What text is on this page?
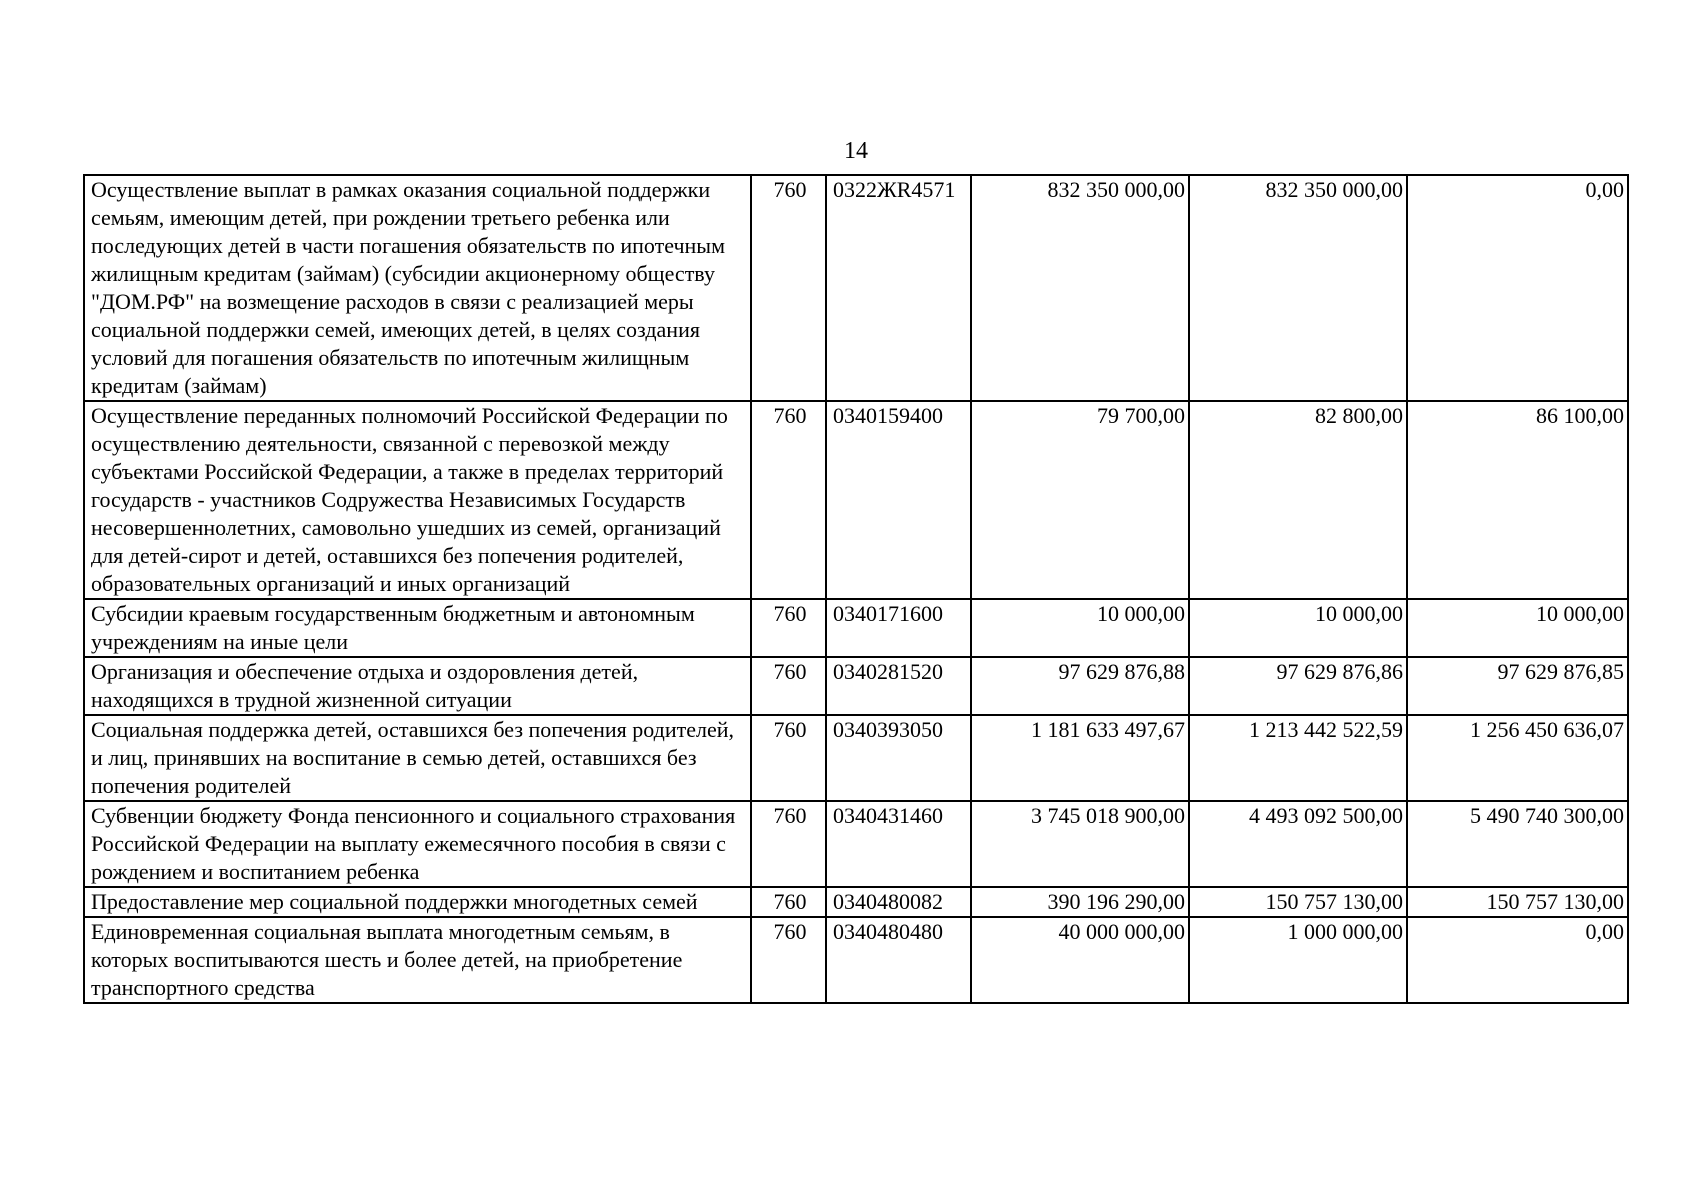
14
Осуществление выплат в рамках оказания социальной поддержки семьям, имеющим детей, при рождении третьего ребенка или последующих детей в части погашения обязательств по ипотечным жилищным кредитам (займам) (субсидии акционерному обществу "ДОМ.РФ" на возмещение расходов в связи с реализацией меры социальной поддержки семей, имеющих детей, в целях создания условий для погашения обязательств по ипотечным жилищным кредитам (займам)	760	0322ЖR4571	832 350 000,00	832 350 000,00	0,00
Осуществление переданных полномочий Российской Федерации по осуществлению деятельности, связанной с перевозкой между субъектами Российской Федерации, а также в пределах территорий государств - участников Содружества Независимых Государств несовершеннолетних, самовольно ушедших из семей, организаций для детей-сирот и детей, оставшихся без попечения родителей, образовательных организаций и иных организаций	760	0340159400	79 700,00	82 800,00	86 100,00
Субсидии краевым государственным бюджетным и автономным учреждениям на иные цели	760	0340171600	10 000,00	10 000,00	10 000,00
Организация и обеспечение отдыха и оздоровления детей, находящихся в трудной жизненной ситуации	760	0340281520	97 629 876,88	97 629 876,86	97 629 876,85
Социальная поддержка детей, оставшихся без попечения родителей, и лиц, принявших на воспитание в семью детей, оставшихся без попечения родителей	760	0340393050	1 181 633 497,67	1 213 442 522,59	1 256 450 636,07
Субвенции бюджету Фонда пенсионного и социального страхования Российской Федерации на выплату ежемесячного пособия в связи с рождением и воспитанием ребенка	760	0340431460	3 745 018 900,00	4 493 092 500,00	5 490 740 300,00
Предоставление мер социальной поддержки многодетных семей	760	0340480082	390 196 290,00	150 757 130,00	150 757 130,00
Единовременная социальная выплата многодетным семьям, в которых воспитываются шесть и более детей, на приобретение транспортного средства	760	0340480480	40 000 000,00	1 000 000,00	0,00
